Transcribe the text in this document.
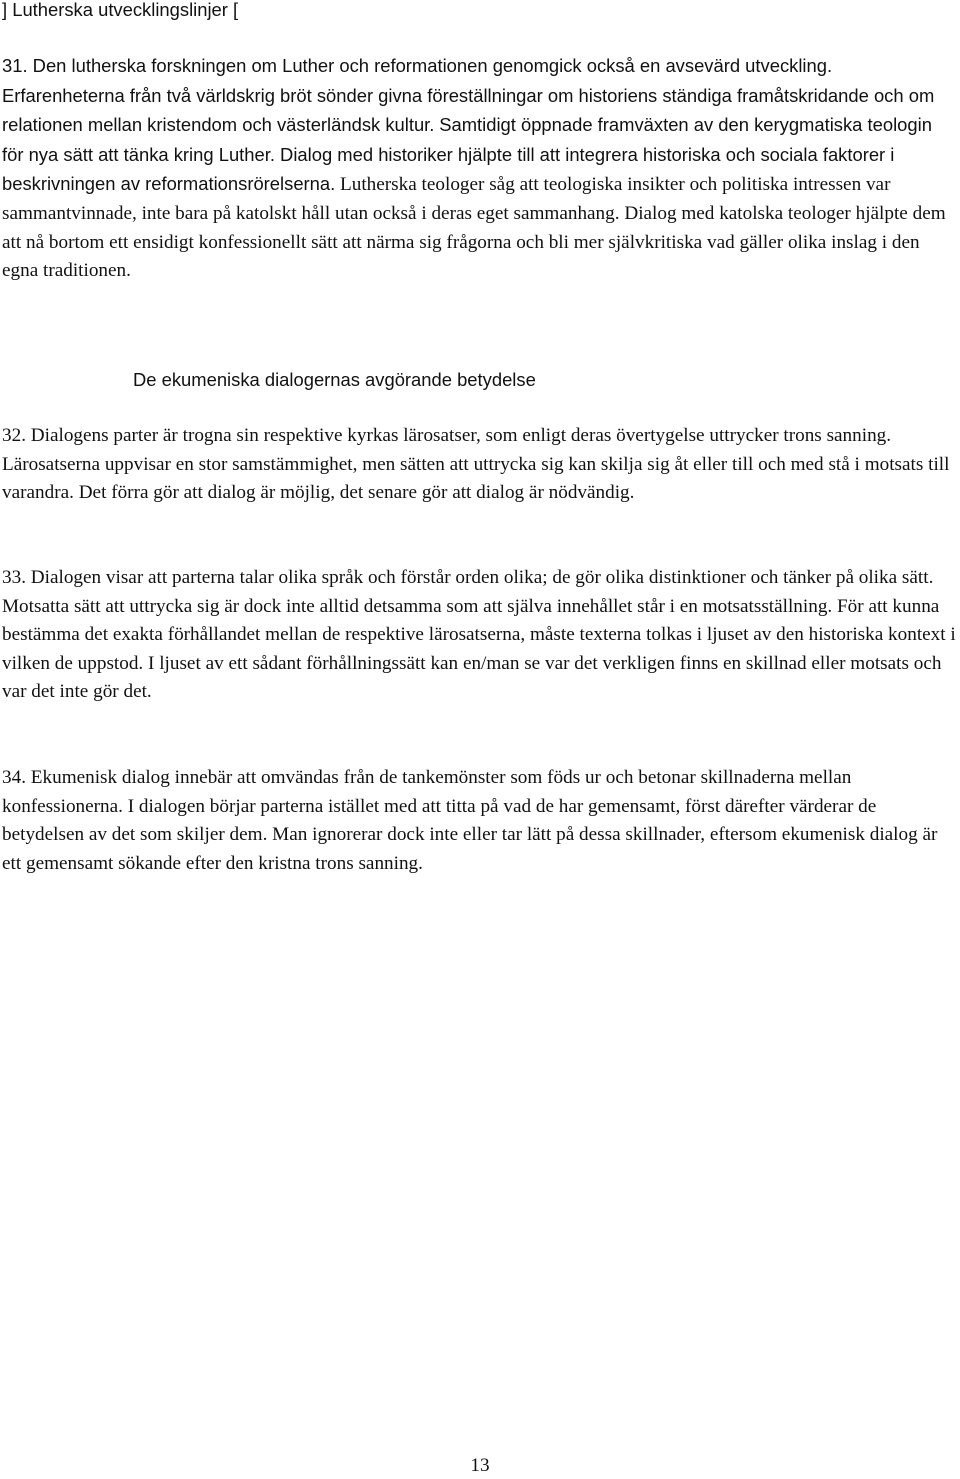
] Lutherska utvecklingslinjer [

31. Den lutherska forskningen om Luther och reformationen genomgick också en avsevärd utveckling. Erfarenheterna från två världskrig bröt sönder givna föreställningar om historiens ständiga framåtskridande och om relationen mellan kristendom och västerländsk kultur. Samtidigt öppnade framväxten av den kerygmatiska teologin för nya sätt att tänka kring Luther. Dialog med historiker hjälpte till att integrera historiska och sociala faktorer i beskrivningen av reformationsrörelserna. Lutherska teologer såg att teologiska insikter och politiska intressen var sammantvinnade, inte bara på katolskt håll utan också i deras eget sammanhang. Dialog med katolska teologer hjälpte dem att nå bortom ett ensidigt konfessionellt sätt att närma sig frågorna och bli mer självkritiska vad gäller olika inslag i den egna traditionen.

De ekumeniska dialogernas avgörande betydelse

32. Dialogens parter är trogna sin respektive kyrkas lärosatser, som enligt deras övertygelse uttrycker trons sanning. Lärosatserna uppvisar en stor samstämmighet, men sätten att uttrycka sig kan skilja sig åt eller till och med stå i motsats till varandra. Det förra gör att dialog är möjlig, det senare gör att dialog är nödvändig.

33. Dialogen visar att parterna talar olika språk och förstår orden olika; de gör olika distinktioner och tänker på olika sätt. Motsatta sätt att uttrycka sig är dock inte alltid detsamma som att själva innehållet står i en motsatsställning. För att kunna bestämma det exakta förhållandet mellan de respektive lärosatserna, måste texterna tolkas i ljuset av den historiska kontext i vilken de uppstod. I ljuset av ett sådant förhållningssätt kan en/man se var det verkligen finns en skillnad eller motsats och var det inte gör det.

34. Ekumenisk dialog innebär att omvändas från de tankemönster som föds ur och betonar skillnaderna mellan konfessionerna. I dialogen börjar parterna istället med att titta på vad de har gemensamt, först därefter värderar de betydelsen av det som skiljer dem. Man ignorerar dock inte eller tar lätt på dessa skillnader, eftersom ekumenisk dialog är ett gemensamt sökande efter den kristna trons sanning.

13
